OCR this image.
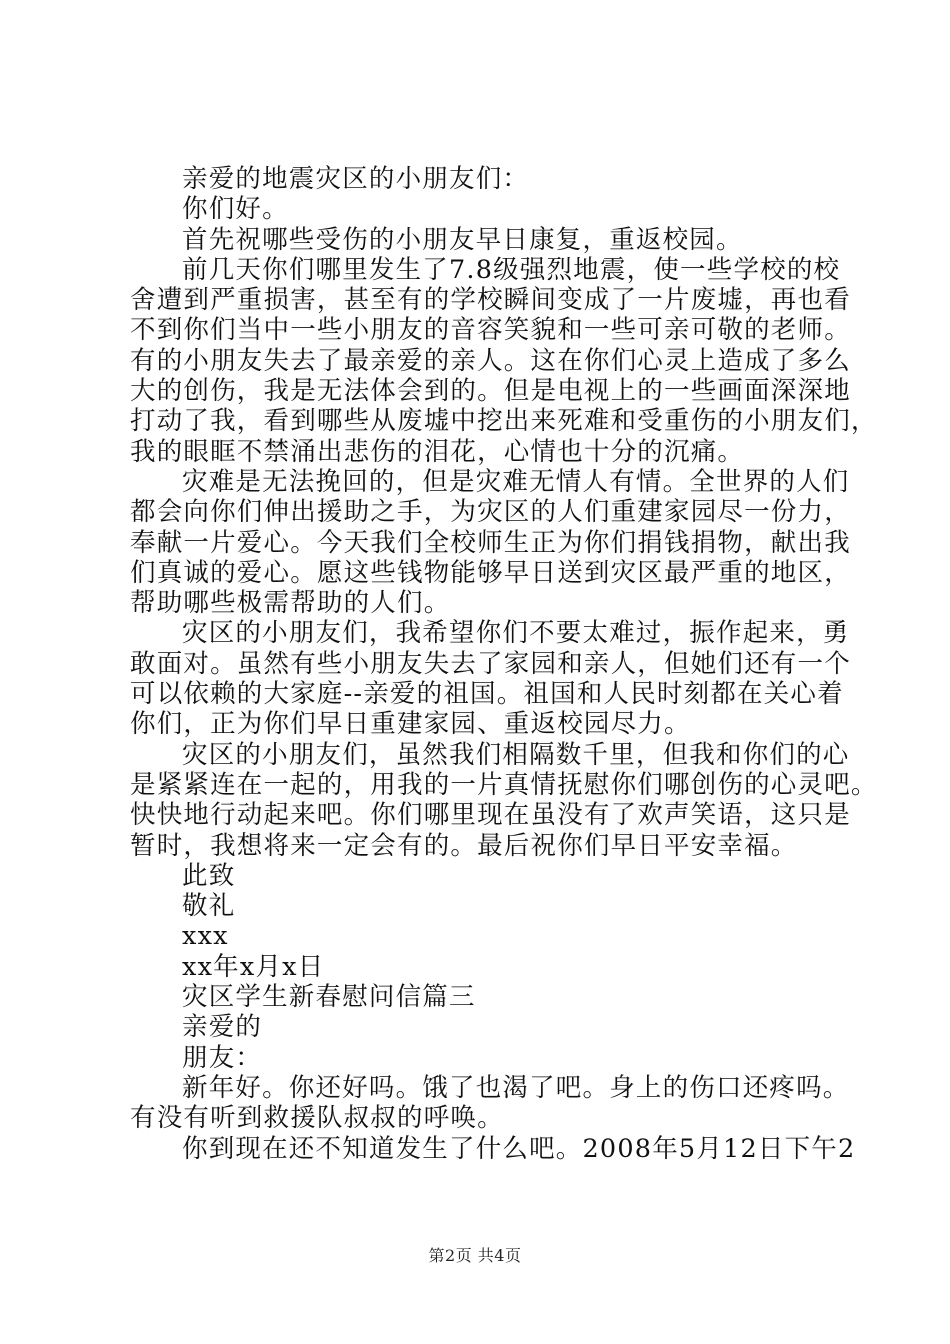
亲爱的地震灾区的小朋友们：

你们好。

首先祝哪些受伤的小朋友早日康复，重返校园。

前几天你们哪里发生了7.8级强烈地震，使一些学校的校

舍遭到严重损害，甚至有的学校瞬间变成了一片废墟，再也看

不到你们当中一些小朋友的音容笑貌和一些可亲可敬的老师。

有的小朋友失去了最亲爱的亲人。这在你们心灵上造成了多么

大的创伤，我是无法体会到的。但是电视上的一些画面深深地

打动了我，看到哪些从废墟中挖出来死难和受重伤的小朋友们，

我的眼眶不禁涌出悲伤的泪花，心情也十分的沉痛。

灾难是无法挽回的，但是灾难无情人有情。全世界的人们

都会向你们伸出援助之手，为灾区的人们重建家园尽一份力，

奉献一片爱心。今天我们全校师生正为你们捐钱捐物，献出我

们真诚的爱心。愿这些钱物能够早日送到灾区最严重的地区，

帮助哪些极需帮助的人们。

灾区的小朋友们，我希望你们不要太难过，振作起来，勇

敢面对。虽然有些小朋友失去了家园和亲人，但她们还有一个

可以依赖的大家庭--亲爱的祖国。祖国和人民时刻都在关心着

你们，正为你们早日重建家园、重返校园尽力。

灾区的小朋友们，虽然我们相隔数千里，但我和你们的心

是紧紧连在一起的，用我的一片真情抚慰你们哪创伤的心灵吧。

快快地行动起来吧。你们哪里现在虽没有了欢声笑语，这只是

暂时，我想将来一定会有的。最后祝你们早日平安幸福。

此致

敬礼

xxx

xx年x月x日

灾区学生新春慰问信篇三

亲爱的

朋友：

新年好。你还好吗。饿了也渴了吧。身上的伤口还疼吗。

有没有听到救援队叔叔的呼唤。

你到现在还不知道发生了什么吧。2008年5月12日下午2

第2页 共4页
